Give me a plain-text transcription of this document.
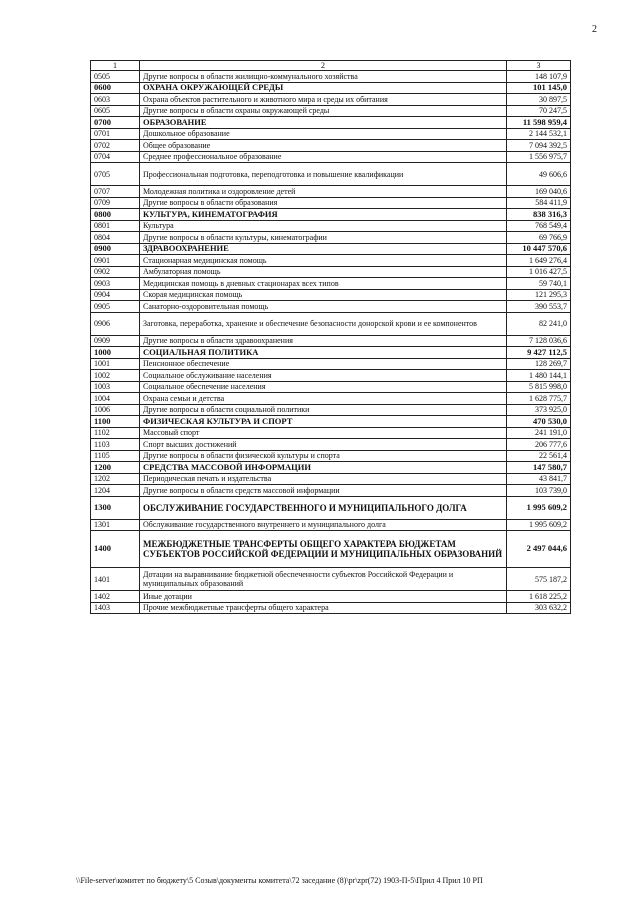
2
1	2	3
0505	Другие вопросы в области жилищно-коммунального хозяйства	148 107,9
0600	ОХРАНА ОКРУЖАЮЩЕЙ СРЕДЫ	101 145,0
0603	Охрана объектов растительного и животного мира и среды их обитания	30 897,5
0605	Другие вопросы в области охраны окружающей среды	70 247,5
0700	ОБРАЗОВАНИЕ	11 598 959,4
0701	Дошкольное образование	2 144 532,1
0702	Общее образование	7 094 392,5
0704	Среднее профессиональное образование	1 556 975,7
0705	Профессиональная подготовка, переподготовка и повышение квалификации	49 606,6
0707	Молодежная политика и оздоровление детей	169 040,6
0709	Другие вопросы в области образования	584 411,9
0800	КУЛЬТУРА, КИНЕМАТОГРАФИЯ	838 316,3
0801	Культура	768 549,4
0804	Другие вопросы в области культуры, кинематографии	69 766,9
0900	ЗДРАВООХРАНЕНИЕ	10 447 570,6
0901	Стационарная медицинская помощь	1 649 276,4
0902	Амбулаторная помощь	1 016 427,5
0903	Медицинская помощь в дневных стационарах всех типов	59 740,1
0904	Скорая медицинская помощь	121 295,3
0905	Санаторно-оздоровительная помощь	390 553,7
0906	Заготовка, переработка, хранение и обеспечение безопасности донорской крови и ее компонентов	82 241,0
0909	Другие вопросы в области здравоохранения	7 128 036,6
1000	СОЦИАЛЬНАЯ ПОЛИТИКА	9 427 112,5
1001	Пенсионное обеспечение	128 269,7
1002	Социальное обслуживание населения	1 480 144,1
1003	Социальное обеспечение населения	5 815 998,0
1004	Охрана семьи и детства	1 628 775,7
1006	Другие вопросы в области социальной политики	373 925,0
1100	ФИЗИЧЕСКАЯ КУЛЬТУРА И СПОРТ	470 530,0
1102	Массовый спорт	241 191,0
1103	Спорт высших достижений	206 777,6
1105	Другие вопросы в области физической культуры и спорта	22 561,4
1200	СРЕДСТВА МАССОВОЙ ИНФОРМАЦИИ	147 580,7
1202	Периодическая печать и издательства	43 841,7
1204	Другие вопросы в области средств массовой информации	103 739,0
1300	ОБСЛУЖИВАНИЕ ГОСУДАРСТВЕННОГО И МУНИЦИПАЛЬНОГО ДОЛГА	1 995 609,2
1301	Обслуживание государственного внутреннего и муниципального долга	1 995 609,2
1400	МЕЖБЮДЖЕТНЫЕ ТРАНСФЕРТЫ ОБЩЕГО ХАРАКТЕРА БЮДЖЕТАМ СУБЪЕКТОВ РОССИЙСКОЙ ФЕДЕРАЦИИ И МУНИЦИПАЛЬНЫХ ОБРАЗОВАНИЙ	2 497 044,6
1401	Дотации на выравнивание бюджетной обеспеченности субъектов Российской Федерации и муниципальных образований	575 187,2
1402	Иные дотации	1 618 225,2
1403	Прочие межбюджетные трансферты общего характера	303 632,2
\\File-server\комитет по бюджету\5 Созыв\документы комитета\72 заседание (8)\pr\zpr(72) 1903-П-5\Прил 4 Прил 10 РП
